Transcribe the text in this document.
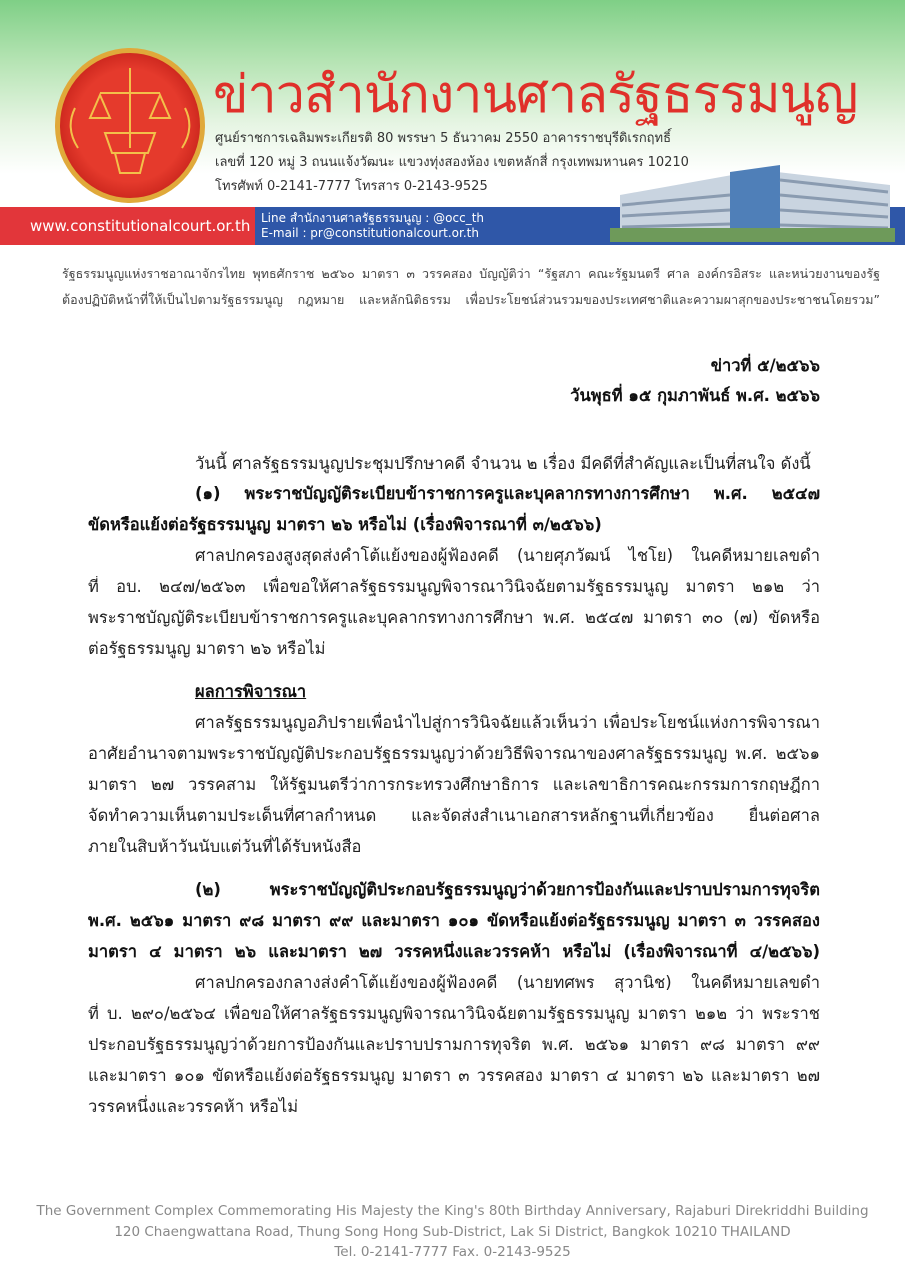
ข่าวสำนักงานศาลรัฐธรรมนูญ
ศูนย์ราชการเฉลิมพระเกียรติ 80 พรรษา 5 ธันวาคม 2550 อาคารราชบุรีดิเรกฤทธิ์
เลขที่ 120 หมู่ 3 ถนนแจ้งวัฒนะ แขวงทุ่งสองห้อง เขตหลักสี่ กรุงเทพมหานคร 10210
โทรศัพท์ 0-2141-7777 โทรสาร 0-2143-9525
www.constitutionalcourt.or.th Line สำนักงานศาลรัฐธรรมนูญ : @occ_th
E-mail : pr@constitutionalcourt.or.th
รัฐธรรมนูญแห่งราชอาณาจักรไทย พุทธศักราช ๒๕๖๐ มาตรา ๓ วรรคสอง บัญญัติว่า “รัฐสภา คณะรัฐมนตรี ศาล องค์กรอิสระ และหน่วยงานของรัฐ
ต้องปฏิบัติหน้าที่ให้เป็นไปตามรัฐธรรมนูญ กฎหมาย และหลักนิติธรรม เพื่อประโยชน์ส่วนรวมของประเทศชาติและความผาสุกของประชาชนโดยรวม”
ข่าวที่ ๕/๒๕๖๖
วันพุธที่ ๑๕ กุมภาพันธ์ พ.ศ. ๒๕๖๖
วันนี้ ศาลรัฐธรรมนูญประชุมปรึกษาคดี จำนวน ๒ เรื่อง มีคดีที่สำคัญและเป็นที่สนใจ ดังนี้
(๑) พระราชบัญญัติระเบียบข้าราชการครูและบุคลากรทางการศึกษา พ.ศ. ๒๕๔๗
ขัดหรือแย้งต่อรัฐธรรมนูญ มาตรา ๒๖ หรือไม่ (เรื่องพิจารณาที่ ๓/๒๕๖๖)
ศาลปกครองสูงสุดส่งคำโต้แย้งของผู้ฟ้องคดี (นายศุภวัฒน์ ไชโย) ในคดีหมายเลขดำ
ที่ อบ. ๒๔๗/๒๕๖๓ เพื่อขอให้ศาลรัฐธรรมนูญพิจารณาวินิจฉัยตามรัฐธรรมนูญ มาตรา ๒๑๒ ว่า
พระราชบัญญัติระเบียบข้าราชการครูและบุคลากรทางการศึกษา พ.ศ. ๒๕๔๗ มาตรา ๓๐ (๗) ขัดหรือ
ต่อรัฐธรรมนูญ มาตรา ๒๖ หรือไม่
ผลการพิจารณา
ศาลรัฐธรรมนูญอภิปรายเพื่อนำไปสู่การวินิจฉัยแล้วเห็นว่า เพื่อประโยชน์แห่งการพิจารณา
อาศัยอำนาจตามพระราชบัญญัติประกอบรัฐธรรมนูญว่าด้วยวิธีพิจารณาของศาลรัฐธรรมนูญ พ.ศ. ๒๕๖๑
มาตรา ๒๗ วรรคสาม ให้รัฐมนตรีว่าการกระทรวงศึกษาธิการ และเลขาธิการคณะกรรมการกฤษฎีกา
จัดทำความเห็นตามประเด็นที่ศาลกำหนด และจัดส่งสำเนาเอกสารหลักฐานที่เกี่ยวข้อง ยื่นต่อศาล
ภายในสิบห้าวันนับแต่วันที่ได้รับหนังสือ
(๒) พระราชบัญญัติประกอบรัฐธรรมนูญว่าด้วยการป้องกันและปราบปรามการทุจริต
พ.ศ. ๒๕๖๑ มาตรา ๙๘ มาตรา ๙๙ และมาตรา ๑๐๑ ขัดหรือแย้งต่อรัฐธรรมนูญ มาตรา ๓ วรรคสอง
มาตรา ๔ มาตรา ๒๖ และมาตรา ๒๗ วรรคหนึ่งและวรรคห้า หรือไม่ (เรื่องพิจารณาที่ ๔/๒๕๖๖)
ศาลปกครองกลางส่งคำโต้แย้งของผู้ฟ้องคดี (นายทศพร สุวานิช) ในคดีหมายเลขดำ
ที่ บ. ๒๙๐/๒๕๖๔ เพื่อขอให้ศาลรัฐธรรมนูญพิจารณาวินิจฉัยตามรัฐธรรมนูญ มาตรา ๒๑๒ ว่า พระราช
ประกอบรัฐธรรมนูญว่าด้วยการป้องกันและปราบปรามการทุจริต พ.ศ. ๒๕๖๑ มาตรา ๙๘ มาตรา ๙๙
และมาตรา ๑๐๑ ขัดหรือแย้งต่อรัฐธรรมนูญ มาตรา ๓ วรรคสอง มาตรา ๔ มาตรา ๒๖ และมาตรา ๒๗
วรรคหนึ่งและวรรคห้า หรือไม่
The Government Complex Commemorating His Majesty the King's 80th Birthday Anniversary, Rajaburi Direkriddhi Building
120 Chaengwattana Road, Thung Song Hong Sub-District, Lak Si District, Bangkok 10210 THAILAND
Tel. 0-2141-7777 Fax. 0-2143-9525
